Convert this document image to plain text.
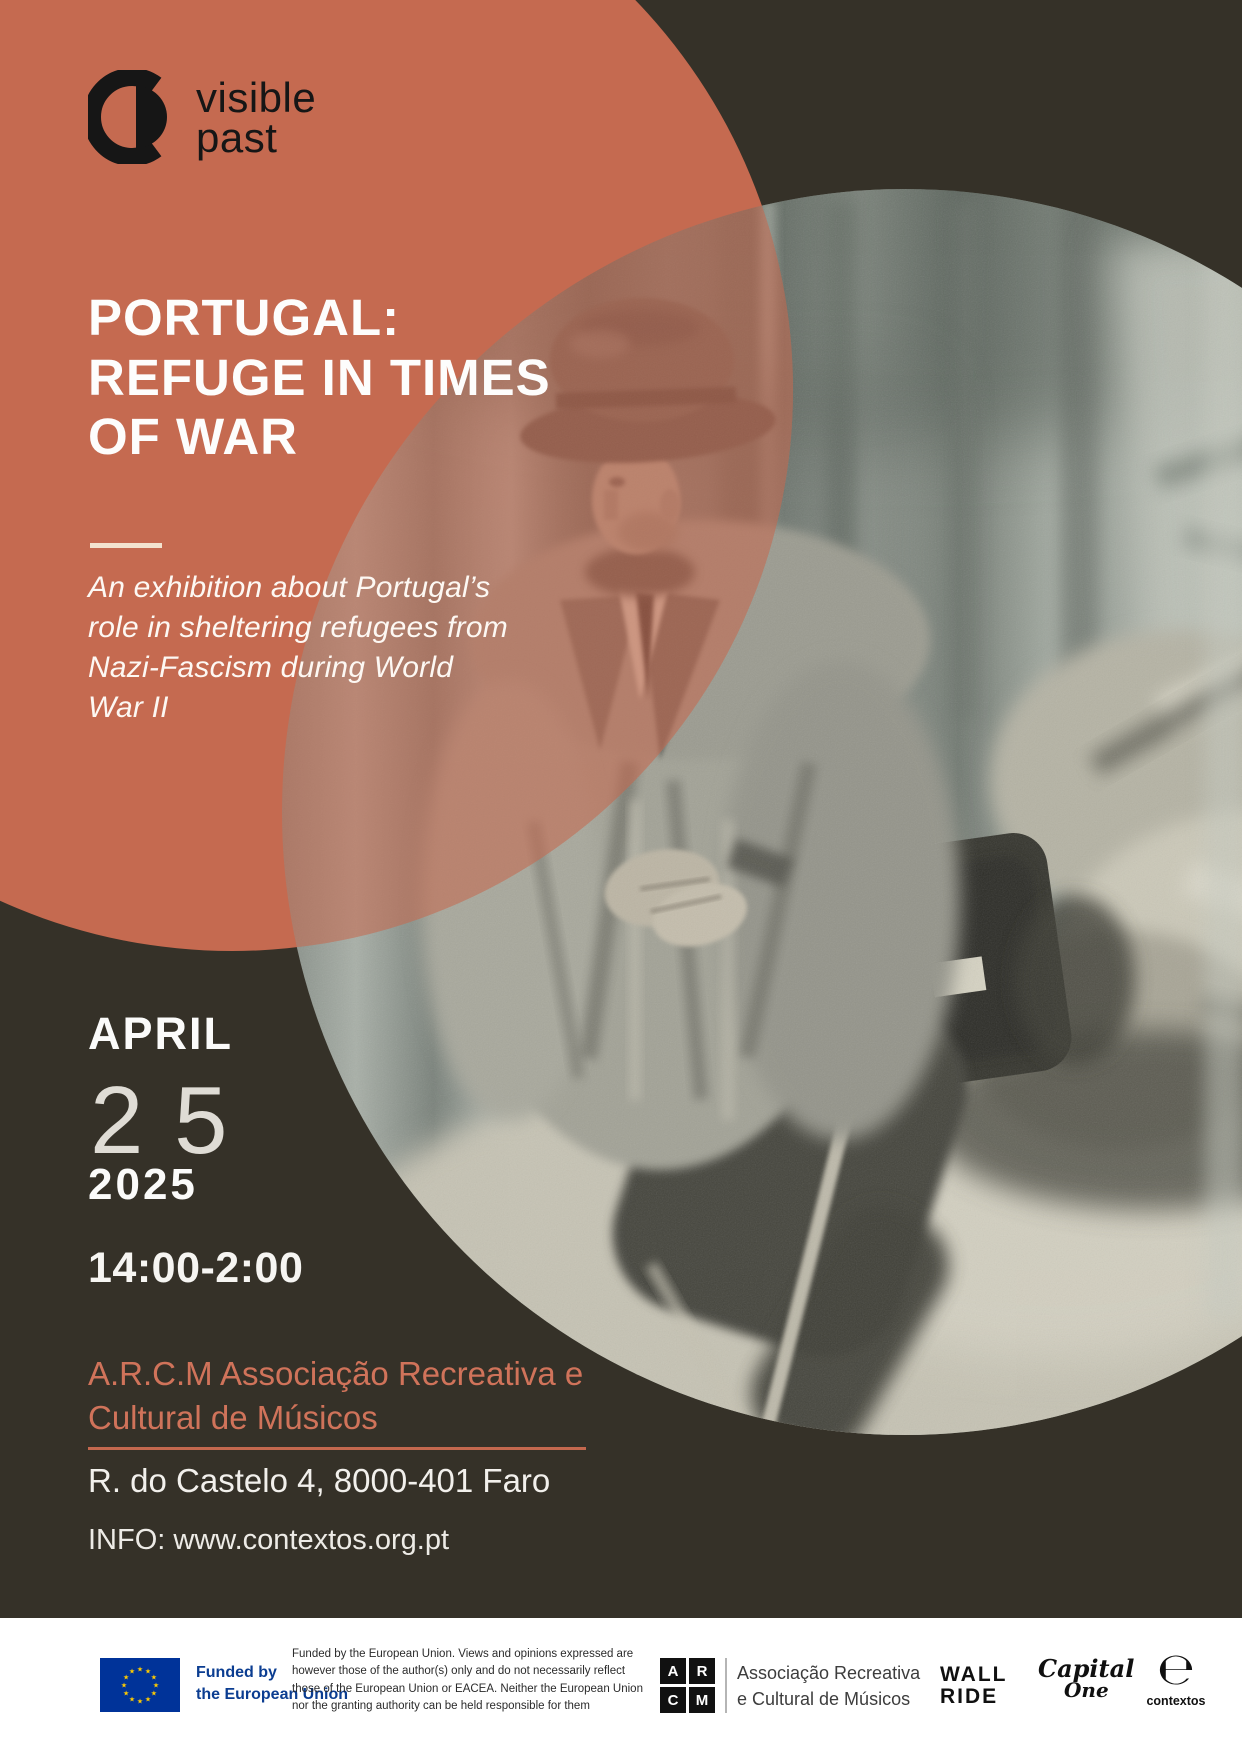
visible
past
PORTUGAL:
REFUGE IN TIMES
OF WAR
An exhibition about Portugal’s
role in sheltering refugees from
Nazi-Fascism during World
War II
APRIL
25
2025
14:00-2:00
A.R.C.M Associação Recreativa e
Cultural de Músicos
R. do Castelo 4, 8000-401 Faro
INFO: www.contextos.org.pt
★ ★
★
★
★
★
★
★
★
★
★
★	Funded by
the European Union
Funded by the European Union. Views and opinions expressed are however those of the author(s) only and do not necessarily reflect those of the European Union or EACEA. Neither the European Union nor the granting authority can be held responsible for them
A	R
C	M
Associação Recreativa
e Cultural de Músicos
WALL
RIDE
Capital
One	℮
contextos
